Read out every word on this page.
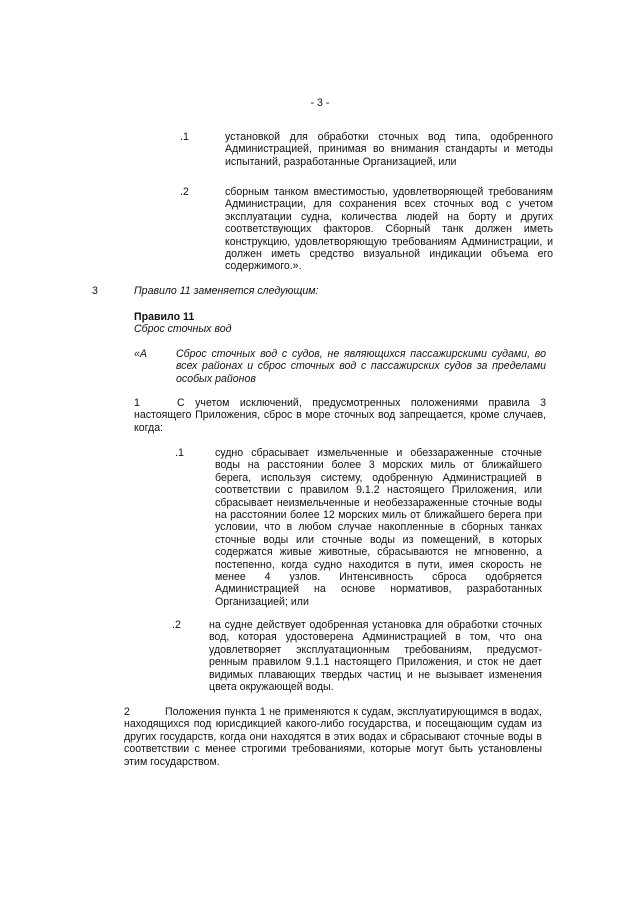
- 3 -
.1	установкой для обработки сточных вод типа, одобренного Администрацией, принимая во внимания стандарты и методы испытаний, разработанные Организацией, или
.2	сборным танком вместимостью, удовлетворяющей требованиям Администрации, для сохранения всех сточных вод с учетом эксплуатации судна, количества людей на борту и других соответствующих факторов. Сборный танк должен иметь конструкцию, удовлетворяющую требованиям Администрации, и должен иметь средство визуальной индикации объема его содержимого.».
3	Правило 11 заменяется следующим:
Правило 11
Сброс сточных вод
«A	Сброс сточных вод с судов, не являющихся пассажирскими судами, во всех районах и сброс сточных вод с пассажирских судов за пределами особых районов
1	С учетом исключений, предусмотренных положениями правила 3 настоящего Приложения, сброс в море сточных вод запрещается, кроме случаев, когда:
.1	судно сбрасывает измельченные и обеззараженные сточные воды на расстоянии более 3 морских миль от ближайшего берега, используя систему, одобренную Администрацией в соответствии с правилом 9.1.2 настоящего Приложения, или сбрасывает неизмельченные и необеззараженные сточные воды на расстоянии более 12 морских миль от ближайшего берега при условии, что в любом случае накопленные в сборных танках сточные воды или сточные воды из помещений, в которых содержатся живые животные, сбрасываются не мгновенно, а постепенно, когда судно находится в пути, имея скорость не менее 4 узлов. Интенсивность сброса одобряется Администрацией на основе нормативов, разработанных Организацией; или
.2	на судне действует одобренная установка для обработки сточных вод, которая удостоверена Администрацией в том, что она удовлетворяет эксплуатационным требованиям, предусмот-ренным правилом 9.1.1 настоящего Приложения, и сток не дает видимых плавающих твердых частиц и не вызывает изменения цвета окружающей воды.
2	Положения пункта 1 не применяются к судам, эксплуатирующимся в водах, находящихся под юрисдикцией какого-либо государства, и посещающим судам из других государств, когда они находятся в этих водах и сбрасывают сточные воды в соответствии с менее строгими требованиями, которые могут быть установлены этим государством.
